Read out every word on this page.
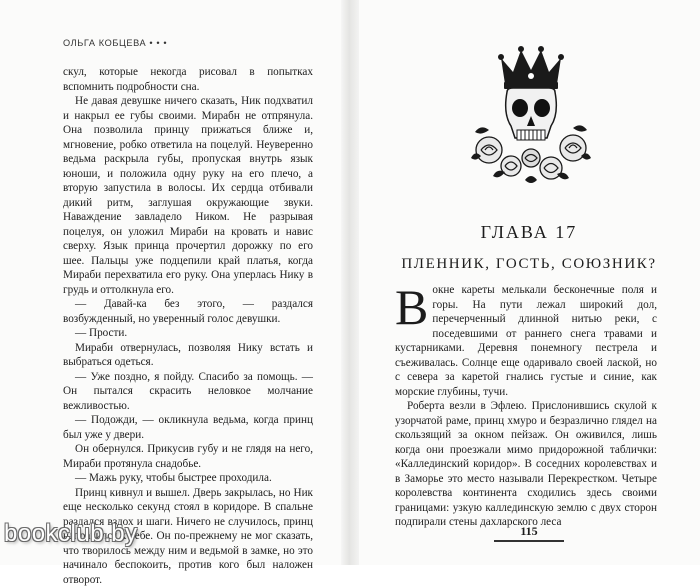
ОЛЬГА КОБЦЕВА • • •

скул, которые некогда рисовал в попытках вспомнить подробности сна.

Не давая девушке ничего сказать, Ник подхватил и накрыл ее губы своими. Мирабн не отпрянула. Она позволила принцу прижаться ближе и, мгновение, робко ответила на поцелуй. Неуверенно ведьма раскрыла губы, пропуская внутрь язык юноши, и положила одну руку на его плечо, а вторую запустила в волосы. Их сердца отбивали дикий ритм, заглушая окружающие звуки. Наваждение завладело Ником. Не разрывая поцелуя, он уложил Мираби на кровать и навис сверху. Язык принца прочертил дорожку по его шее. Пальцы уже подцепили край платья, когда Мираби перехватила его руку. Она уперлась Нику в грудь и оттолкнула его.

— Давай-ка без этого, — раздался возбужденный, но уверенный голос девушки.

— Прости.

Мираби отвернулась, позволяя Нику встать и выбраться одеться.

— Уже поздно, я пойду. Спасибо за помощь. — Он пытался скрасить неловкое молчание вежливостью.

— Подожди, — окликнула ведьма, когда принц был уже у двери.

Он обернулся. Прикусив губу и не глядя на него, Мираби протянула снадобье.

— Мажь руку, чтобы быстрее проходила.

Принц кивнул и вышел. Дверь закрылась, но Ник еще несколько секунд стоял в коридоре. В спальне раздался вздох и шаги. Ничего не случилось, принц направился к себе. Он по-прежнему не мог сказать, что творилось между ним и ведьмой в замке, но это начинало беспокоить, против кого был наложен отворот.

ГЛАВА 17
ПЛЕННИК, ГОСТЬ, СОЮЗНИК?

Вокне кареты мелькали бесконечные поля и горы. На пути лежал широкий дол, перечерченный длинной нитью реки, с поседевшими от раннего снега травами и кустарниками. Деревня понемногу пестрела и съеживалась. Солнце еще одаривало своей лаской, но с севера за каретой гнались густые и синие, как морские глубины, тучи.

Роберта везли в Эфлею. Прислонившись скулой к узорчатой раме, принц хмуро и безразлично глядел на скользящий за окном пейзаж. Он оживился, лишь когда они проезжали мимо придорожной таблички: «Каллединский коридор». В соседних королевствах и в Заморье это место называли Перекрестком. Четыре королевства континента сходились здесь своими границами: узкую каллединскую землю с двух сторон подпирали стены дахларского леса

115
bookclub.by
